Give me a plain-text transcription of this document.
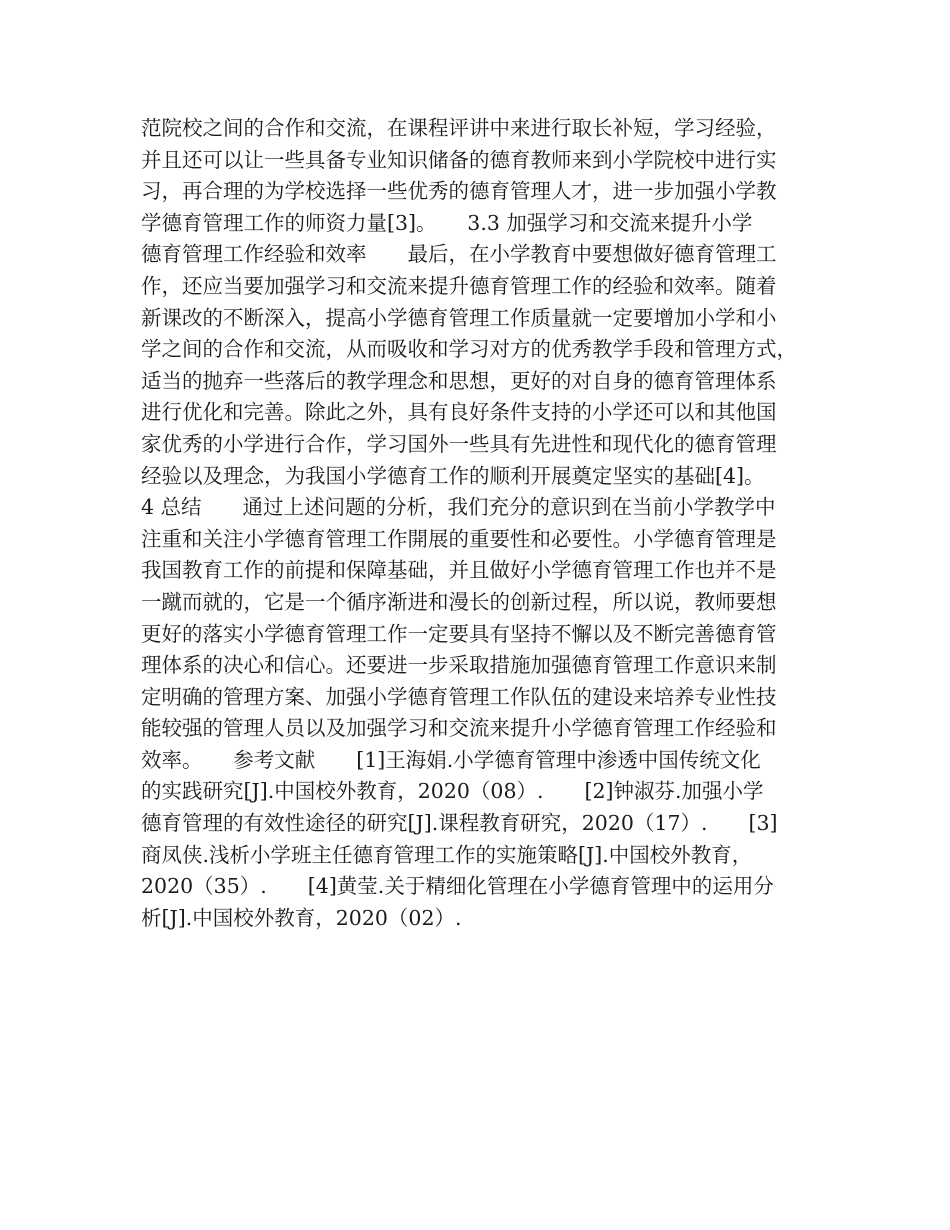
范院校之间的合作和交流，在课程评讲中来进行取长补短，学习经验，
并且还可以让一些具备专业知识储备的德育教师来到小学院校中进行实
习，再合理的为学校选择一些优秀的德育管理人才，进一步加强小学教
学德育管理工作的师资力量[3]。　　3.3 加强学习和交流来提升小学
德育管理工作经验和效率　　最后，在小学教育中要想做好德育管理工
作，还应当要加强学习和交流来提升德育管理工作的经验和效率。随着
新课改的不断深入，提高小学德育管理工作质量就一定要增加小学和小
学之间的合作和交流，从而吸收和学习对方的优秀教学手段和管理方式，
适当的抛弃一些落后的教学理念和思想，更好的对自身的德育管理体系
进行优化和完善。除此之外，具有良好条件支持的小学还可以和其他国
家优秀的小学进行合作，学习国外一些具有先进性和现代化的德育管理
经验以及理念，为我国小学德育工作的顺利开展奠定坚实的基础[4]。
4 总结　　通过上述问题的分析，我们充分的意识到在当前小学教学中
注重和关注小学德育管理工作開展的重要性和必要性。小学德育管理是
我国教育工作的前提和保障基础，并且做好小学德育管理工作也并不是
一蹴而就的，它是一个循序渐进和漫长的创新过程，所以说，教师要想
更好的落实小学德育管理工作一定要具有坚持不懈以及不断完善德育管
理体系的决心和信心。还要进一步采取措施加强德育管理工作意识来制
定明确的管理方案、加强小学德育管理工作队伍的建设来培养专业性技
能较强的管理人员以及加强学习和交流来提升小学德育管理工作经验和
效率。　　参考文献　　[1]王海娟.小学德育管理中渗透中国传统文化
的实践研究[J].中国校外教育，2020（08）.　　[2]钟淑芬.加强小学
德育管理的有效性途径的研究[J].课程教育研究，2020（17）.　　[3]
商凤侠.浅析小学班主任德育管理工作的实施策略[J].中国校外教育，
2020（35）.　　[4]黄莹.关于精细化管理在小学德育管理中的运用分
析[J].中国校外教育，2020（02）.
